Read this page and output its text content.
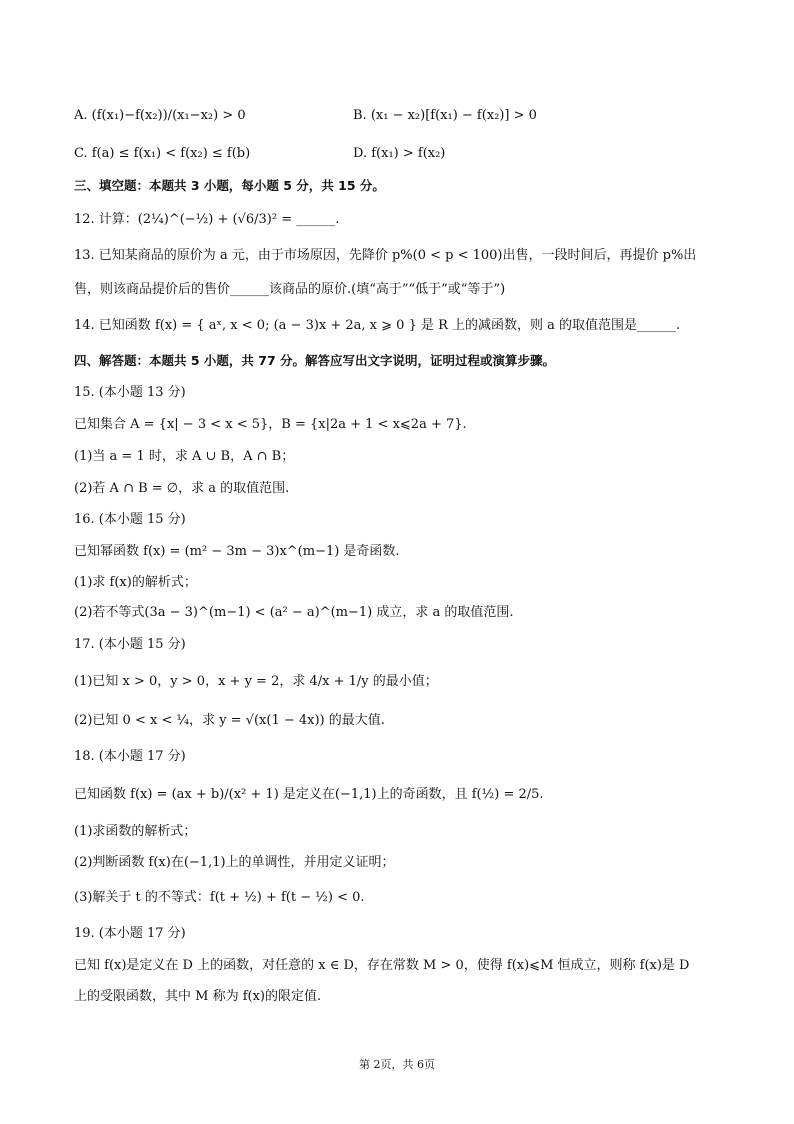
A. (f(x₁)−f(x₂))/(x₁−x₂) > 0	B. (x₁ − x₂)[f(x₁) − f(x₂)] > 0
C. f(a) ≤ f(x₁) < f(x₂) ≤ f(b)	D. f(x₁) > f(x₂)
三、填空题：本题共 3 小题，每小题 5 分，共 15 分。
12. 计算：(2¼)^(−½) + (√6/3)² = ______.
13. 已知某商品的原价为 a 元，由于市场原因，先降价 p%(0 < p < 100)出售，一段时间后，再提价 p%出
售，则该商品提价后的售价______该商品的原价.(填“高于”“低于”或“等于”)
14. 已知函数 f(x) = { aˣ, x < 0; (a − 3)x + 2a, x ⩾ 0 } 是 R 上的减函数，则 a 的取值范围是______.
四、解答题：本题共 5 小题，共 77 分。解答应写出文字说明，证明过程或演算步骤。
15. (本小题 13 分)
已知集合 A = {x| − 3 < x < 5}，B = {x|2a + 1 < x⩽2a + 7}.
(1)当 a = 1 时，求 A ∪ B，A ∩ B；
(2)若 A ∩ B = ∅，求 a 的取值范围.
16. (本小题 15 分)
已知幂函数 f(x) = (m² − 3m − 3)x^(m−1) 是奇函数.
(1)求 f(x)的解析式；
(2)若不等式(3a − 3)^(m−1) < (a² − a)^(m−1) 成立，求 a 的取值范围.
17. (本小题 15 分)
(1)已知 x > 0，y > 0，x + y = 2，求 4/x + 1/y 的最小值；
(2)已知 0 < x < ¼，求 y = √(x(1 − 4x)) 的最大值.
18. (本小题 17 分)
已知函数 f(x) = (ax + b)/(x² + 1) 是定义在(−1,1)上的奇函数，且 f(½) = 2/5.
(1)求函数的解析式；
(2)判断函数 f(x)在(−1,1)上的单调性，并用定义证明；
(3)解关于 t 的不等式：f(t + ½) + f(t − ½) < 0.
19. (本小题 17 分)
已知 f(x)是定义在 D 上的函数，对任意的 x ∈ D，存在常数 M > 0，使得 f(x)⩽M 恒成立，则称 f(x)是 D
上的受限函数，其中 M 称为 f(x)的限定值.
第 2页，共 6页
